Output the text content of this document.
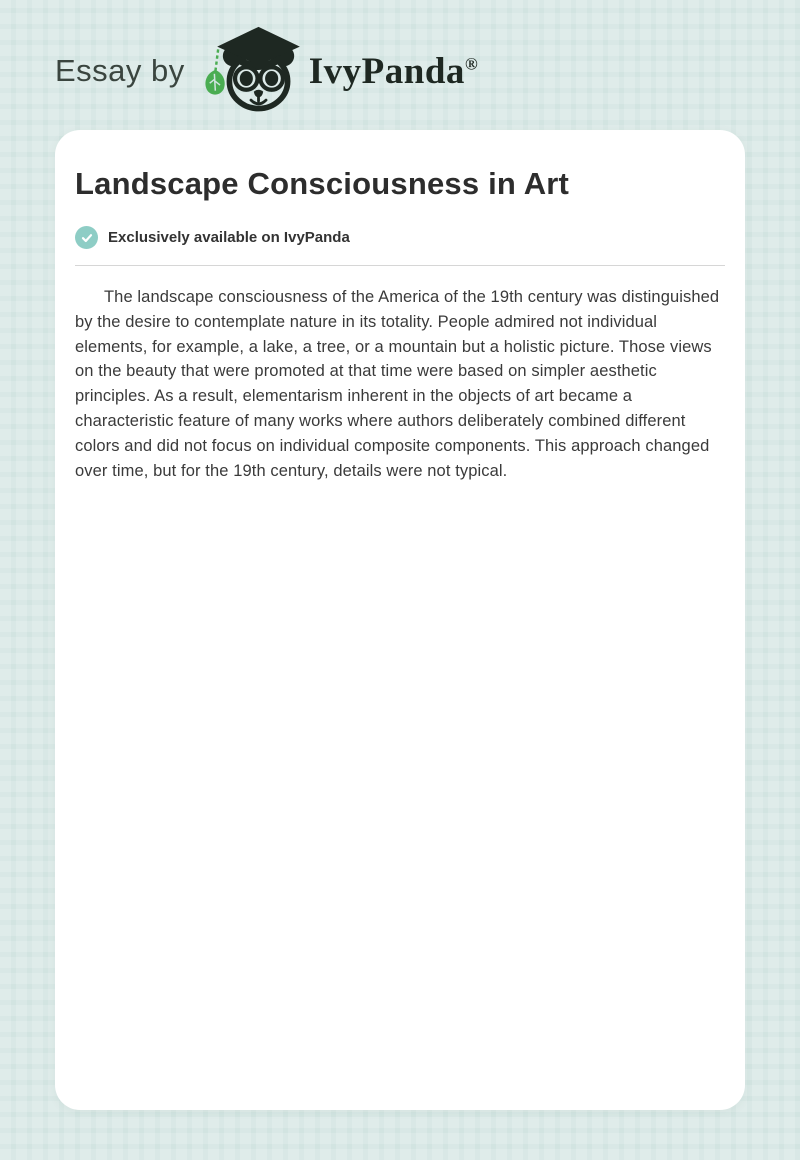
Essay by	IvyPanda®
Landscape Consciousness in Art
Exclusively available on IvyPanda

The landscape consciousness of the America of the 19th century was distinguished by the desire to contemplate nature in its totality. People admired not individual elements, for example, a lake, a tree, or a mountain but a holistic picture. Those views on the beauty that were promoted at that time were based on simpler aesthetic principles. As a result, elementarism inherent in the objects of art became a characteristic feature of many works where authors deliberately combined different colors and did not focus on individual composite components. This approach changed over time, but for the 19th century, details were not typical.
